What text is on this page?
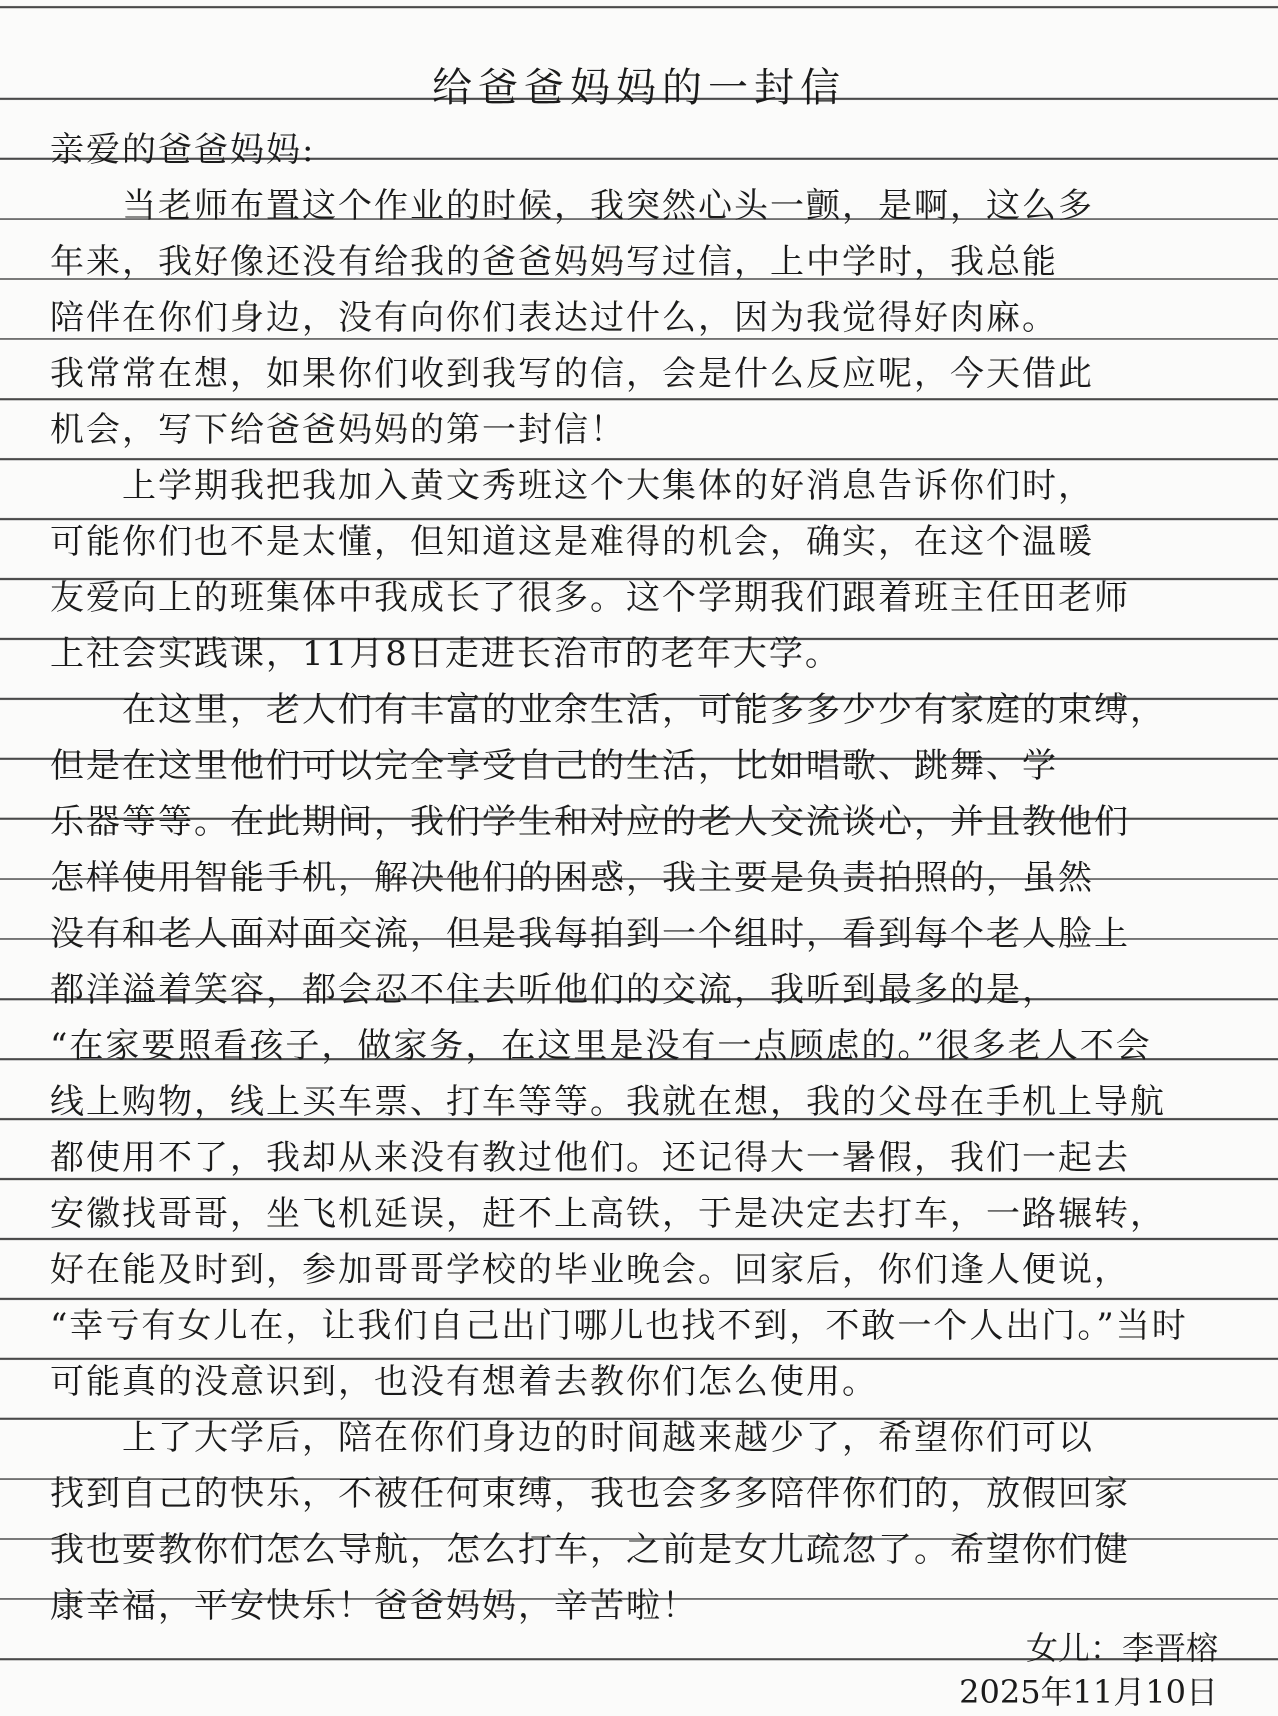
给爸爸妈妈的一封信
亲爱的爸爸妈妈:
　　当老师布置这个作业的时候，我突然心头一颤，是啊，这么多
年来，我好像还没有给我的爸爸妈妈写过信，上中学时，我总能
陪伴在你们身边，没有向你们表达过什么，因为我觉得好肉麻。
我常常在想，如果你们收到我写的信，会是什么反应呢，今天借此
机会，写下给爸爸妈妈的第一封信！
　　上学期我把我加入黄文秀班这个大集体的好消息告诉你们时，
可能你们也不是太懂，但知道这是难得的机会，确实，在这个温暖
友爱向上的班集体中我成长了很多。这个学期我们跟着班主任田老师
上社会实践课，11月8日走进长治市的老年大学。
　　在这里，老人们有丰富的业余生活，可能多多少少有家庭的束缚，
但是在这里他们可以完全享受自己的生活，比如唱歌、跳舞、学
乐器等等。在此期间，我们学生和对应的老人交流谈心，并且教他们
怎样使用智能手机，解决他们的困惑，我主要是负责拍照的，虽然
没有和老人面对面交流，但是我每拍到一个组时，看到每个老人脸上
都洋溢着笑容，都会忍不住去听他们的交流，我听到最多的是，
“在家要照看孩子，做家务，在这里是没有一点顾虑的。”很多老人不会
线上购物，线上买车票、打车等等。我就在想，我的父母在手机上导航
都使用不了，我却从来没有教过他们。还记得大一暑假，我们一起去
安徽找哥哥，坐飞机延误，赶不上高铁，于是决定去打车，一路辗转，
好在能及时到，参加哥哥学校的毕业晚会。回家后，你们逢人便说，
“幸亏有女儿在，让我们自己出门哪儿也找不到，不敢一个人出门。”当时
可能真的没意识到，也没有想着去教你们怎么使用。
　　上了大学后，陪在你们身边的时间越来越少了，希望你们可以
找到自己的快乐，不被任何束缚，我也会多多陪伴你们的，放假回家
我也要教你们怎么导航，怎么打车，之前是女儿疏忽了。希望你们健
康幸福，平安快乐！爸爸妈妈，辛苦啦！
女儿：李晋榕
2025年11月10日
